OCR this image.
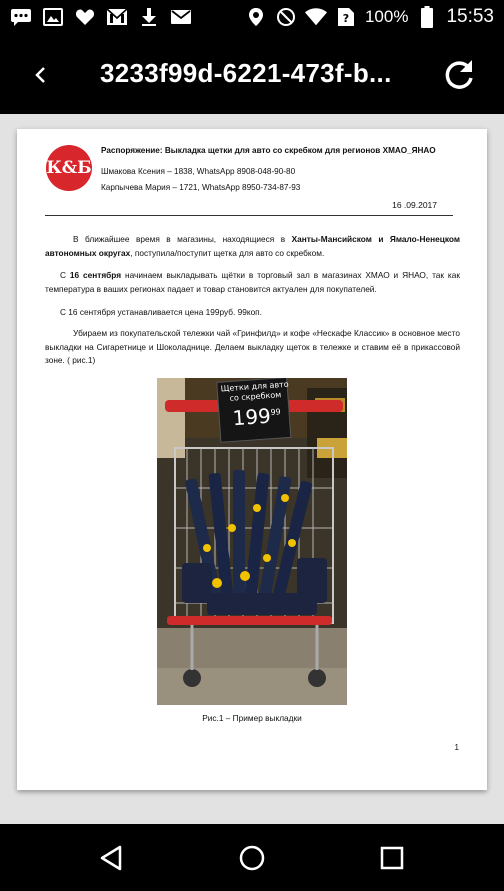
? 100% 15:53
3233f99d-6221-473f-b...
К&Б
Распоряжение: Выкладка щетки для авто со скребком для регионов ХМАО_ЯНАО
Шмакова Ксения – 1838, WhatsApp 8908-048-90-80
Карпычева Мария – 1721, WhatsApp 8950-734-87-93
16 .09.2017
В ближайшее время в магазины, находящиеся в Ханты-Мансийском и Ямало-Ненецком автономных округах, поступила/поступит щетка для авто со скребком.
С 16 сентября начинаем выкладывать щётки в торговый зал в магазинах ХМАО и ЯНАО, так как температура в ваших регионах падает и товар становится актуален для покупателей.
С 16 сентября устанавливается цена 199руб. 99коп.
Убираем из покупательской тележки чай «Гринфилд» и кофе «Нескафе Классик» в основное место выкладки на Сигаретнице и Шоколаднице. Делаем выкладку щеток в тележке и ставим её в прикассовой зоне. ( рис.1)
Щетки для авто
со скребком
$199^{99}$
Рис.1 – Пример выкладки
1
